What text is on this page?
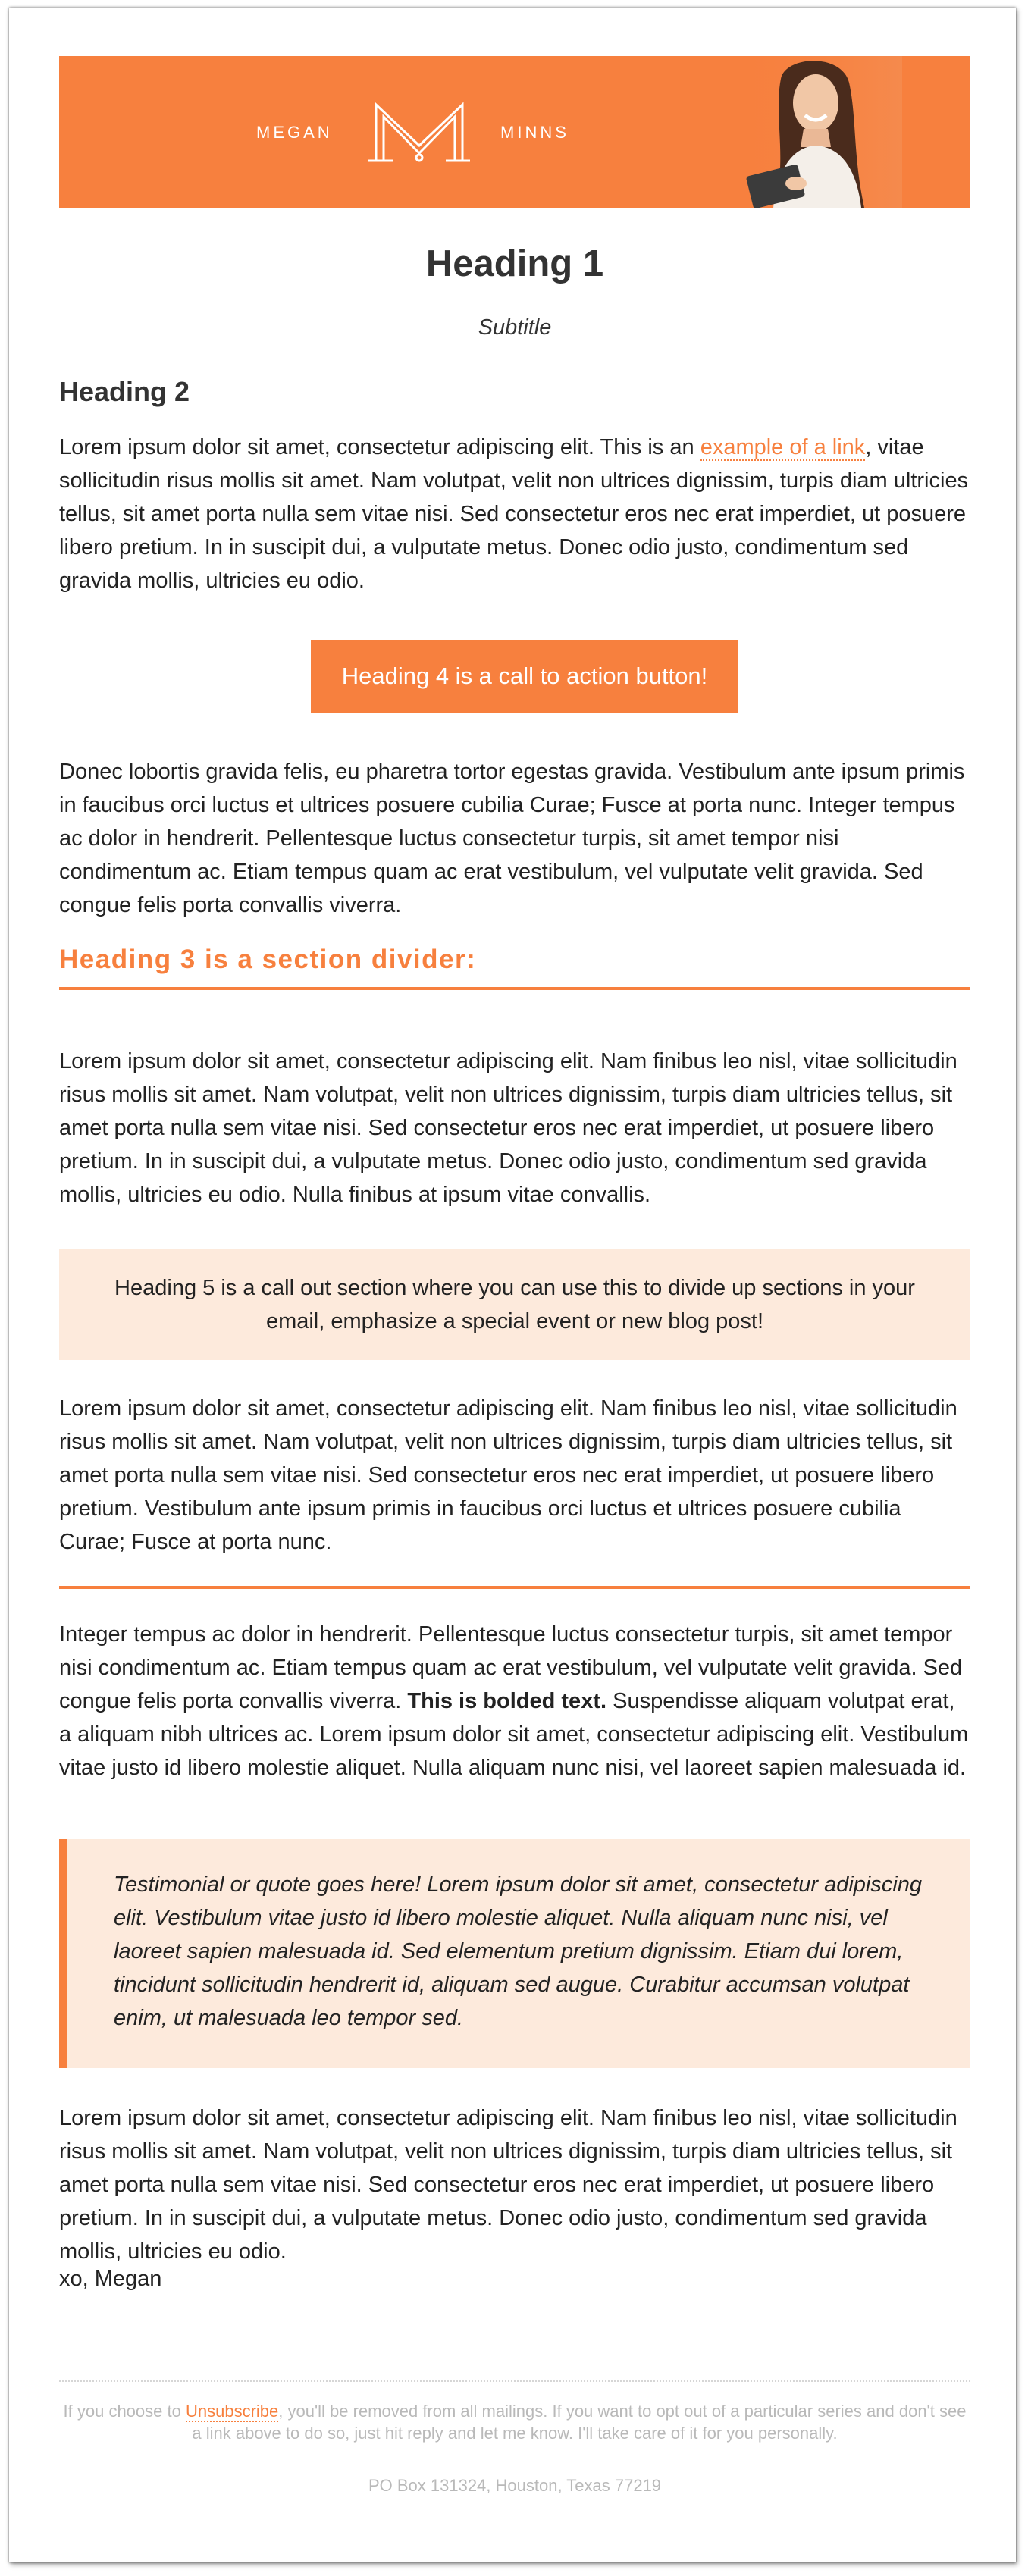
MEGAN	MINNS
Heading 1
Subtitle
Heading 2

Lorem ipsum dolor sit amet, consectetur adipiscing elit. This is an example of a link, vitae sollicitudin risus mollis sit amet. Nam volutpat, velit non ultrices dignissim, turpis diam ultricies tellus, sit amet porta nulla sem vitae nisi. Sed consectetur eros nec erat imperdiet, ut posuere libero pretium. In in suscipit dui, a vulputate metus. Donec odio justo, condimentum sed gravida mollis, ultricies eu odio.

Heading 4 is a call to action button!

Donec lobortis gravida felis, eu pharetra tortor egestas gravida. Vestibulum ante ipsum primis in faucibus orci luctus et ultrices posuere cubilia Curae; Fusce at porta nunc. Integer tempus ac dolor in hendrerit. Pellentesque luctus consectetur turpis, sit amet tempor nisi condimentum ac. Etiam tempus quam ac erat vestibulum, vel vulputate velit gravida. Sed congue felis porta convallis viverra.

Heading 3 is a section divider:

Lorem ipsum dolor sit amet, consectetur adipiscing elit. Nam finibus leo nisl, vitae sollicitudin risus mollis sit amet. Nam volutpat, velit non ultrices dignissim, turpis diam ultricies tellus, sit amet porta nulla sem vitae nisi. Sed consectetur eros nec erat imperdiet, ut posuere libero pretium. In in suscipit dui, a vulputate metus. Donec odio justo, condimentum sed gravida mollis, ultricies eu odio. Nulla finibus at ipsum vitae convallis.

Heading 5 is a call out section where you can use this to divide up sections in your email, emphasize a special event or new blog post!

Lorem ipsum dolor sit amet, consectetur adipiscing elit. Nam finibus leo nisl, vitae sollicitudin risus mollis sit amet. Nam volutpat, velit non ultrices dignissim, turpis diam ultricies tellus, sit amet porta nulla sem vitae nisi. Sed consectetur eros nec erat imperdiet, ut posuere libero pretium. Vestibulum ante ipsum primis in faucibus orci luctus et ultrices posuere cubilia Curae; Fusce at porta nunc.

Integer tempus ac dolor in hendrerit. Pellentesque luctus consectetur turpis, sit amet tempor nisi condimentum ac. Etiam tempus quam ac erat vestibulum, vel vulputate velit gravida. Sed congue felis porta convallis viverra. This is bolded text. Suspendisse aliquam volutpat erat, a aliquam nibh ultrices ac. Lorem ipsum dolor sit amet, consectetur adipiscing elit. Vestibulum vitae justo id libero molestie aliquet. Nulla aliquam nunc nisi, vel laoreet sapien malesuada id.

Testimonial or quote goes here! Lorem ipsum dolor sit amet, consectetur adipiscing elit. Vestibulum vitae justo id libero molestie aliquet. Nulla aliquam nunc nisi, vel laoreet sapien malesuada id. Sed elementum pretium dignissim. Etiam dui lorem, tincidunt sollicitudin hendrerit id, aliquam sed augue. Curabitur accumsan volutpat enim, ut malesuada leo tempor sed.

Lorem ipsum dolor sit amet, consectetur adipiscing elit. Nam finibus leo nisl, vitae sollicitudin risus mollis sit amet. Nam volutpat, velit non ultrices dignissim, turpis diam ultricies tellus, sit amet porta nulla sem vitae nisi. Sed consectetur eros nec erat imperdiet, ut posuere libero pretium. In in suscipit dui, a vulputate metus. Donec odio justo, condimentum sed gravida mollis, ultricies eu odio.

xo, Megan
If you choose to Unsubscribe, you'll be removed from all mailings. If you want to opt out of a particular series and don't see a link above to do so, just hit reply and let me know. I'll take care of it for you personally.
PO Box 131324, Houston, Texas 77219
